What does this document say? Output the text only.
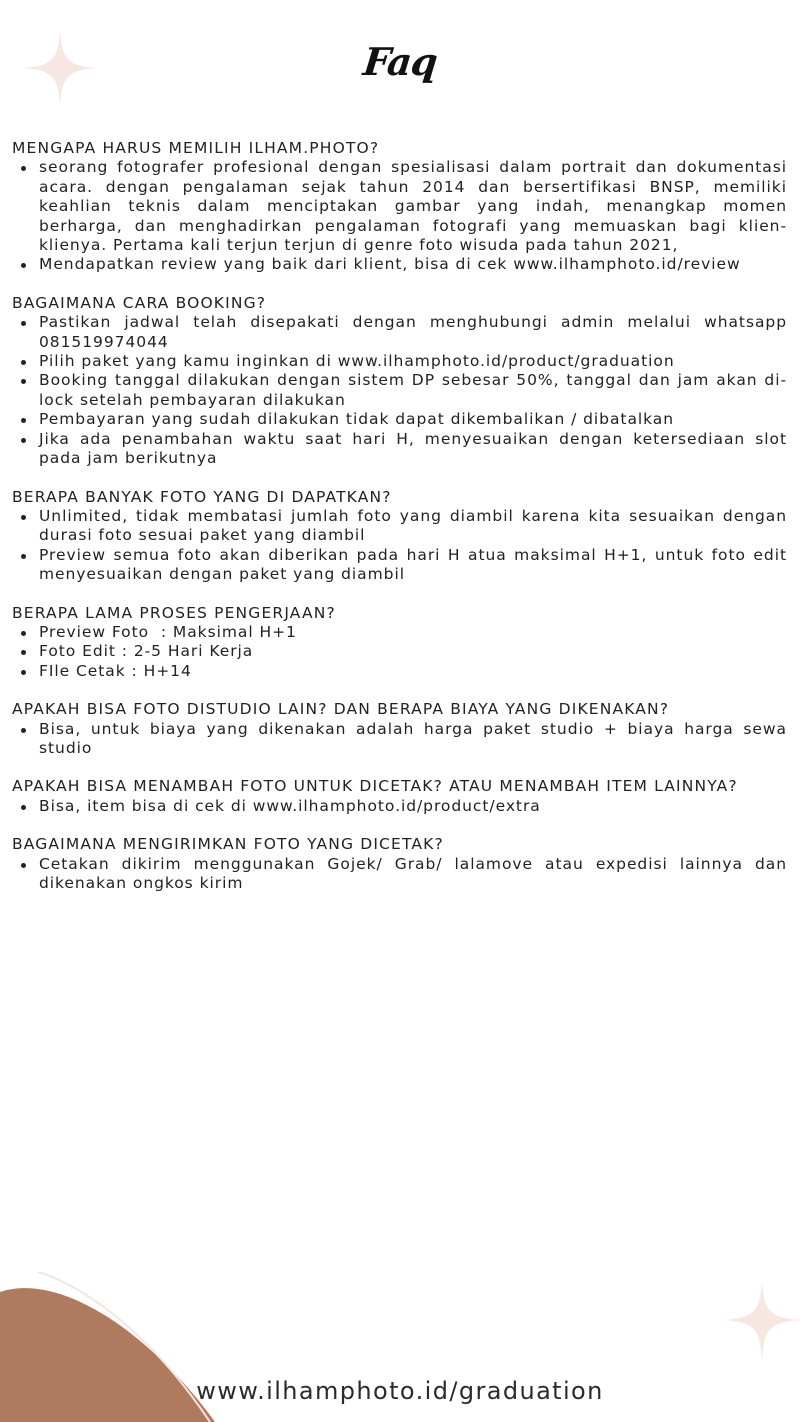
Faq

MENGAPA HARUS MEMILIH ILHAM.PHOTO?

seorang fotografer profesional dengan spesialisasi dalam portrait dan dokumentasi acara. dengan pengalaman sejak tahun 2014 dan bersertifikasi BNSP, memiliki keahlian teknis dalam menciptakan gambar yang indah, menangkap momen berharga, dan menghadirkan pengalaman fotografi yang memuaskan bagi klien-klienya. Pertama kali terjun terjun di genre foto wisuda pada tahun 2021,
Mendapatkan review yang baik dari klient, bisa di cek www.ilhamphoto.id/review

BAGAIMANA CARA BOOKING?

Pastikan jadwal telah disepakati dengan menghubungi admin melalui whatsapp 081519974044
Pilih paket yang kamu inginkan di www.ilhamphoto.id/product/graduation
Booking tanggal dilakukan dengan sistem DP sebesar 50%, tanggal dan jam akan di-lock setelah pembayaran dilakukan
Pembayaran yang sudah dilakukan tidak dapat dikembalikan / dibatalkan
Jika ada penambahan waktu saat hari H, menyesuaikan dengan ketersediaan slot pada jam berikutnya

BERAPA BANYAK FOTO YANG DI DAPATKAN?

Unlimited, tidak membatasi jumlah foto yang diambil karena kita sesuaikan dengan durasi foto sesuai paket yang diambil
Preview semua foto akan diberikan pada hari H atua maksimal H+1, untuk foto edit menyesuaikan dengan paket yang diambil

BERAPA LAMA PROSES PENGERJAAN?

Preview Foto  : Maksimal H+1
Foto Edit : 2-5 Hari Kerja
FIle Cetak : H+14

APAKAH BISA FOTO DISTUDIO LAIN? DAN BERAPA BIAYA YANG DIKENAKAN?

Bisa, untuk biaya yang dikenakan adalah harga paket studio + biaya harga sewa studio

APAKAH BISA MENAMBAH FOTO UNTUK DICETAK? ATAU MENAMBAH ITEM LAINNYA?

Bisa, item bisa di cek di www.ilhamphoto.id/product/extra

BAGAIMANA MENGIRIMKAN FOTO YANG DICETAK?

Cetakan dikirim menggunakan Gojek/ Grab/ lalamove atau expedisi lainnya dan dikenakan ongkos kirim
www.ilhamphoto.id/graduation
